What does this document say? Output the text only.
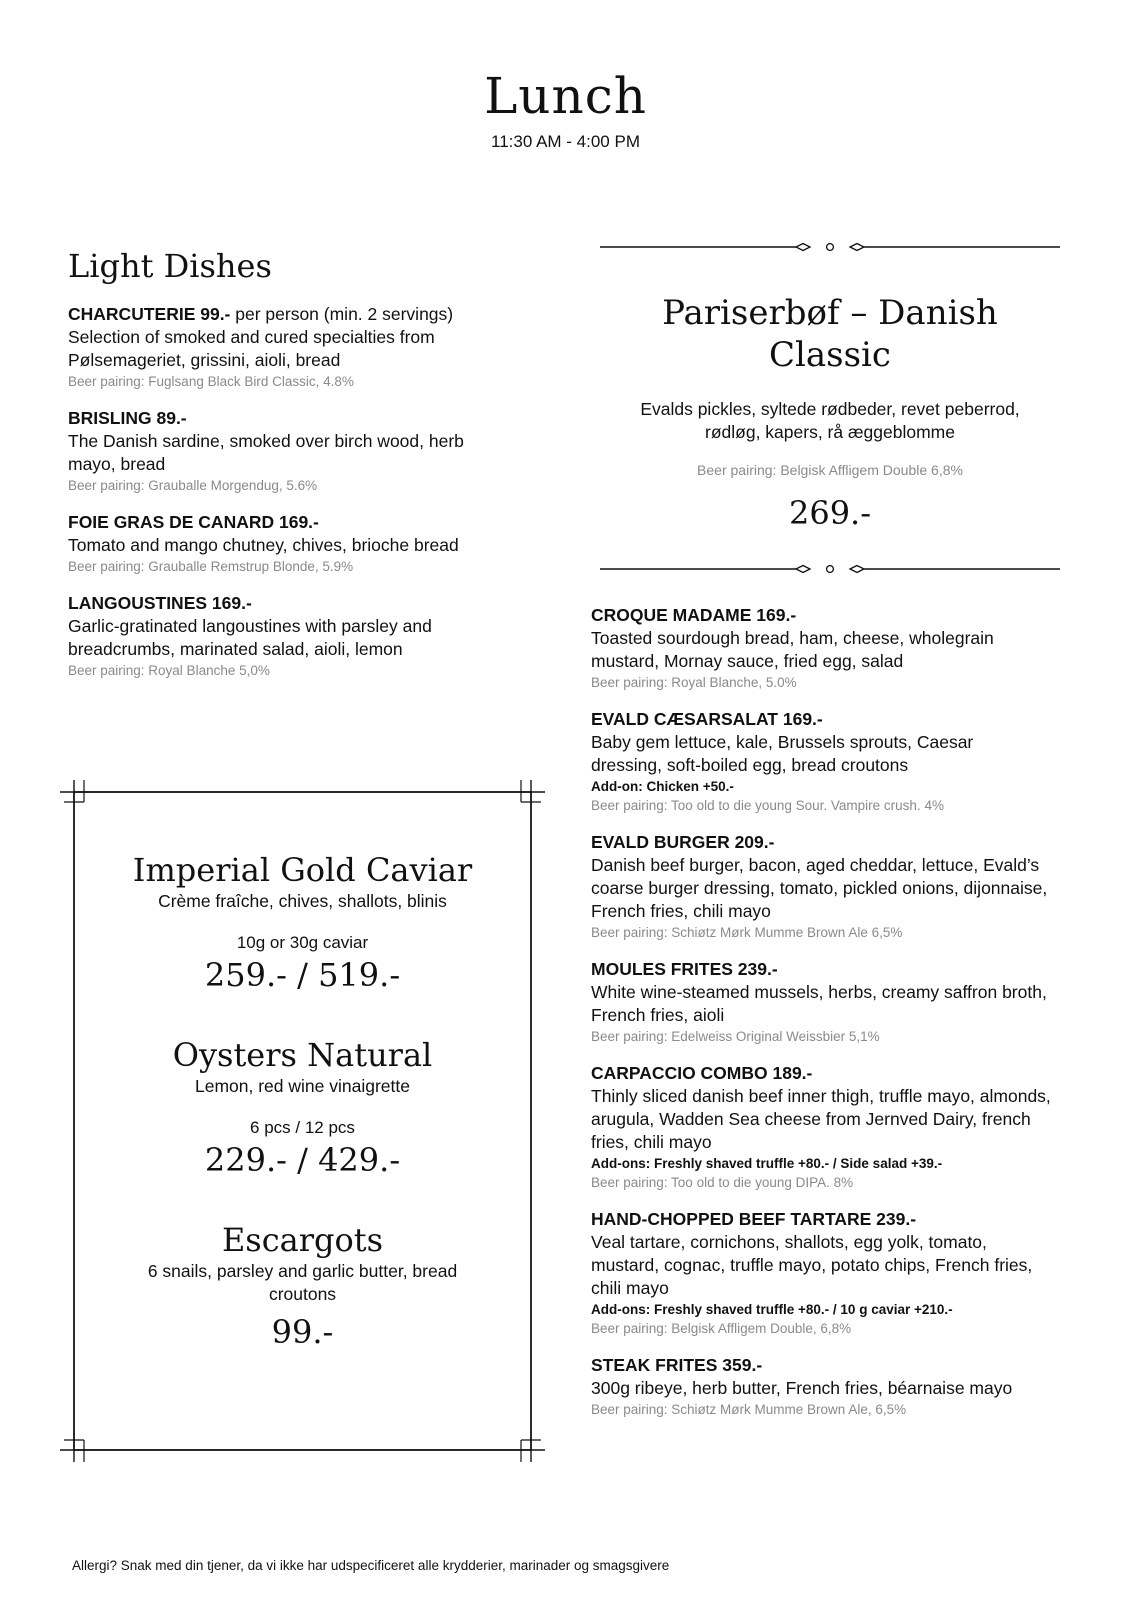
Lunch
11:30 AM - 4:00 PM
Light Dishes
CHARCUTERIE 99.- per person (min. 2 servings)
Selection of smoked and cured specialties from Pølsemageriet, grissini, aioli, bread
Beer pairing: Fuglsang Black Bird Classic, 4.8%
BRISLING 89.-
The Danish sardine, smoked over birch wood, herb mayo, bread
Beer pairing: Grauballe Morgendug, 5.6%
FOIE GRAS DE CANARD 169.-
Tomato and mango chutney, chives, brioche bread
Beer pairing: Grauballe Remstrup Blonde, 5.9%
LANGOUSTINES 169.-
Garlic-gratinated langoustines with parsley and breadcrumbs, marinated salad, aioli, lemon
Beer pairing: Royal Blanche 5,0%
Pariserbøf – Danish Classic
Evalds pickles, syltede rødbeder, revet peberrod,
rødløg, kapers, rå æggeblomme
Beer pairing: Belgisk Affligem Double 6,8%
269.-
Imperial Gold Caviar
Crème fraîche, chives, shallots, blinis
10g or 30g caviar
259.- / 519.-
Oysters Natural
Lemon, red wine vinaigrette
6 pcs / 12 pcs
229.- / 429.-
Escargots
6 snails, parsley and garlic butter, bread croutons
99.-
CROQUE MADAME 169.-
Toasted sourdough bread, ham, cheese, wholegrain mustard, Mornay sauce, fried egg, salad
Beer pairing: Royal Blanche, 5.0%
EVALD CÆSARSALAT 169.-
Baby gem lettuce, kale, Brussels sprouts, Caesar dressing, soft-boiled egg, bread croutons
Add-on: Chicken +50.-
Beer pairing: Too old to die young Sour. Vampire crush. 4%
EVALD BURGER 209.-
Danish beef burger, bacon, aged cheddar, lettuce, Evald’s coarse burger dressing, tomato, pickled onions, dijonnaise, French fries, chili mayo
Beer pairing: Schiøtz Mørk Mumme Brown Ale 6,5%
MOULES FRITES 239.-
White wine-steamed mussels, herbs, creamy saffron broth, French fries, aioli
Beer pairing: Edelweiss Original Weissbier 5,1%
CARPACCIO COMBO 189.-
Thinly sliced danish beef inner thigh, truffle mayo, almonds, arugula, Wadden Sea cheese from Jernved Dairy, french fries, chili mayo
Add-ons: Freshly shaved truffle +80.- / Side salad +39.-
Beer pairing: Too old to die young DIPA. 8%
HAND-CHOPPED BEEF TARTARE 239.-
Veal tartare, cornichons, shallots, egg yolk, tomato, mustard, cognac, truffle mayo, potato chips, French fries, chili mayo
Add-ons: Freshly shaved truffle +80.- / 10 g caviar +210.-
Beer pairing: Belgisk Affligem Double, 6,8%
STEAK FRITES 359.-
300g ribeye, herb butter, French fries, béarnaise mayo
Beer pairing: Schiøtz Mørk Mumme Brown Ale, 6,5%
Allergi? Snak med din tjener, da vi ikke har udspecificeret alle krydderier, marinader og smagsgivere
